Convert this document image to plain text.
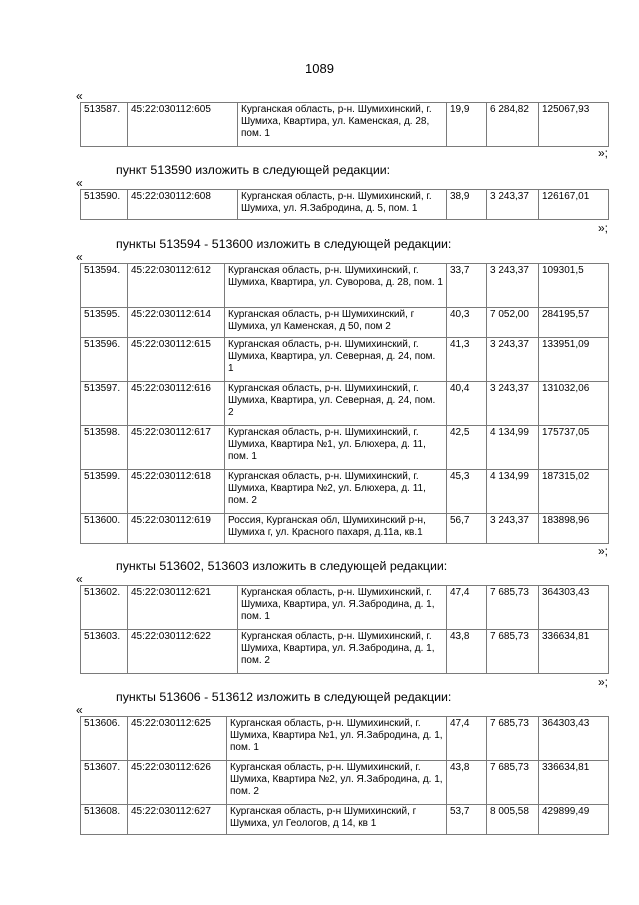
1089
«
513587.	45:22:030112:605	Курганская область, р-н. Шумихинский, г. Шумиха, Квартира, ул. Каменская, д. 28, пом. 1	19,9	6 284,82	125067,93
»;
пункт 513590 изложить в следующей редакции:
«
513590.	45:22:030112:608	Курганская область, р-н. Шумихинский, г. Шумиха, ул. Я.Забродина, д. 5, пом. 1	38,9	3 243,37	126167,01
»;
пункты 513594 - 513600 изложить в следующей редакции:
«
513594.	45:22:030112:612	Курганская область, р-н. Шумихинский, г. Шумиха, Квартира, ул. Суворова, д. 28, пом. 1	33,7	3 243,37	109301,5
513595.	45:22:030112:614	Курганская область, р-н Шумихинский, г Шумиха, ул Каменская, д 50, пом 2	40,3	7 052,00	284195,57
513596.	45:22:030112:615	Курганская область, р-н. Шумихинский, г. Шумиха, Квартира, ул. Северная, д. 24, пом. 1	41,3	3 243,37	133951,09
513597.	45:22:030112:616	Курганская область, р-н. Шумихинский, г. Шумиха, Квартира, ул. Северная, д. 24, пом. 2	40,4	3 243,37	131032,06
513598.	45:22:030112:617	Курганская область, р-н. Шумихинский, г. Шумиха, Квартира №1, ул. Блюхера, д. 11, пом. 1	42,5	4 134,99	175737,05
513599.	45:22:030112:618	Курганская область, р-н. Шумихинский, г. Шумиха, Квартира №2, ул. Блюхера, д. 11, пом. 2	45,3	4 134,99	187315,02
513600.	45:22:030112:619	Россия, Курганская обл, Шумихинский р-н, Шумиха г, ул. Красного пахаря, д.11а, кв.1	56,7	3 243,37	183898,96
»;
пункты 513602, 513603 изложить в следующей редакции:
«
513602.	45:22:030112:621	Курганская область, р-н. Шумихинский, г. Шумиха, Квартира, ул. Я.Забродина, д. 1, пом. 1	47,4	7 685,73	364303,43
513603.	45:22:030112:622	Курганская область, р-н. Шумихинский, г. Шумиха, Квартира, ул. Я.Забродина, д. 1, пом. 2	43,8	7 685,73	336634,81
»;
пункты 513606 - 513612 изложить в следующей редакции:
«
513606.	45:22:030112:625	Курганская область, р-н. Шумихинский, г. Шумиха, Квартира №1, ул. Я.Забродина, д. 1, пом. 1	47,4	7 685,73	364303,43
513607.	45:22:030112:626	Курганская область, р-н. Шумихинский, г. Шумиха, Квартира №2, ул. Я.Забродина, д. 1, пом. 2	43,8	7 685,73	336634,81
513608.	45:22:030112:627	Курганская область, р-н Шумихинский, г Шумиха, ул Геологов, д 14, кв 1	53,7	8 005,58	429899,49
